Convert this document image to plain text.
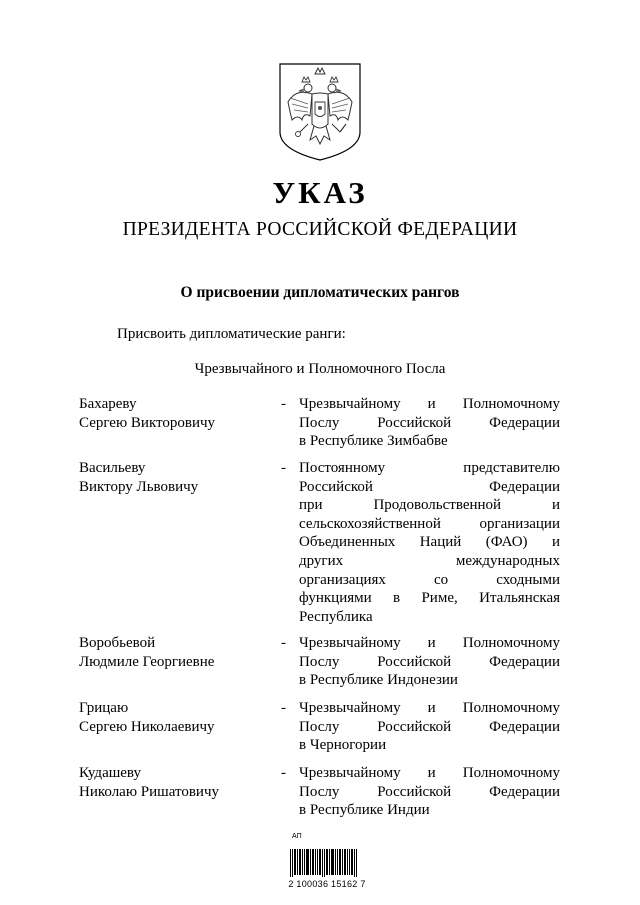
УКАЗ
ПРЕЗИДЕНТА РОССИЙСКОЙ ФЕДЕРАЦИИ
О присвоении дипломатических рангов
Присвоить дипломатические ранги:
Чрезвычайного и Полномочного Посла
Бахареву
Сергею Викторовичу
- Чрезвычайному и Полномочному
Послу Российской Федерации
в Республике Зимбабве
Васильеву
Виктору Львовичу
- Постоянному представителю
Российской Федерации
при Продовольственной и
сельскохозяйственной организации
Объединенных Наций (ФАО) и
других международных
организациях со сходными
функциями в Риме, Итальянская
Республика
Воробьевой
Людмиле Георгиевне
- Чрезвычайному и Полномочному
Послу Российской Федерации
в Республике Индонезии
Грицаю
Сергею Николаевичу
- Чрезвычайному и Полномочному
Послу Российской Федерации
в Черногории
Кудашеву
Николаю Ришатовичу
- Чрезвычайному и Полномочному
Послу Российской Федерации
в Республике Индии
АП
2 100036 15162 7
